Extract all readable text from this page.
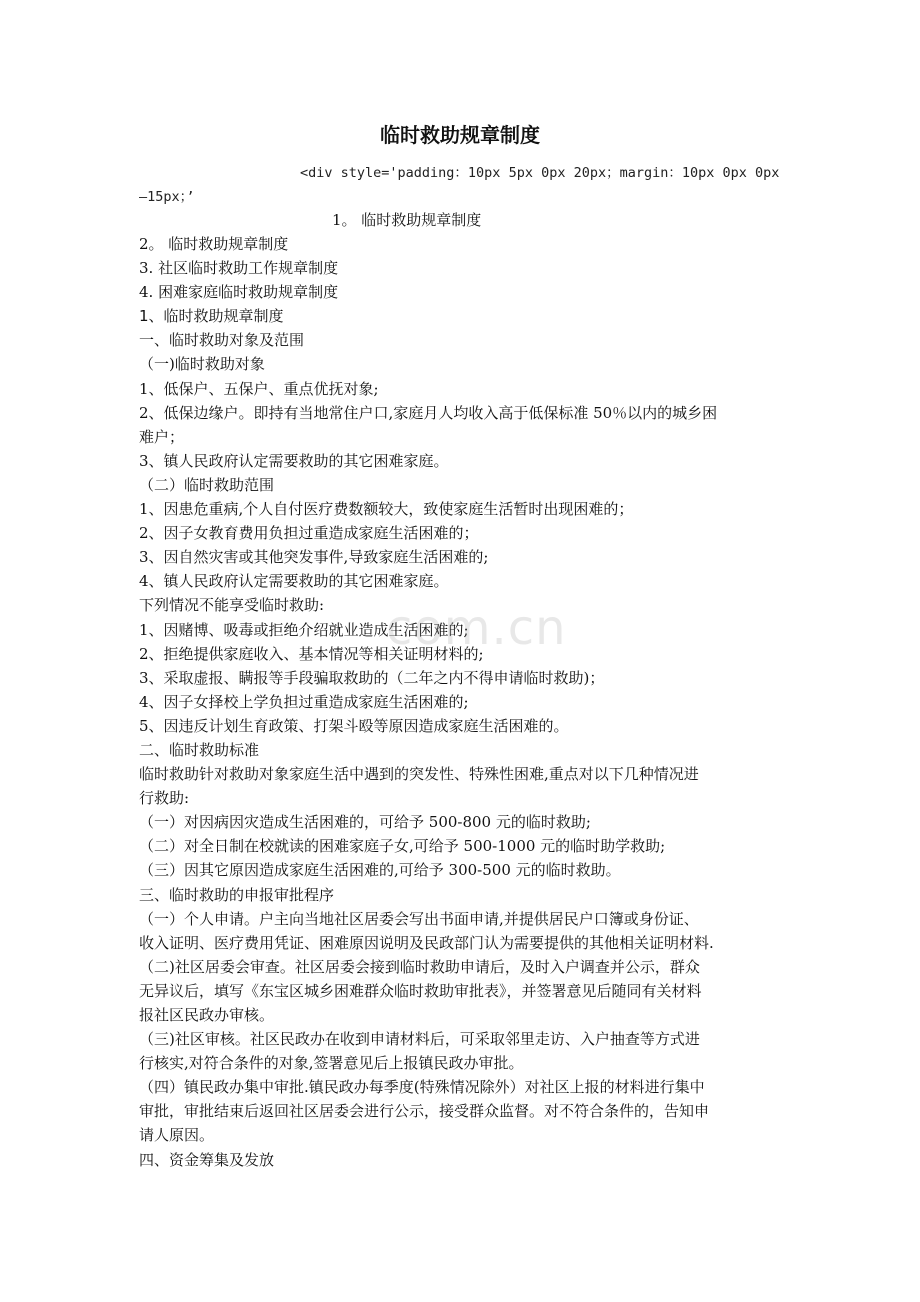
临时救助规章制度
<div style='padding：10px 5px 0px 20px；margin：10px 0px 0px
—15px；’
1。 临时救助规章制度
2。 临时救助规章制度
3. 社区临时救助工作规章制度
4. 困难家庭临时救助规章制度
1、临时救助规章制度
一、临时救助对象及范围
（一)临时救助对象
1、低保户、五保户、重点优抚对象;
2、低保边缘户。即持有当地常住户口,家庭月人均收入高于低保标准 50％以内的城乡困
难户；
3、镇人民政府认定需要救助的其它困难家庭。
（二）临时救助范围
1、因患危重病,个人自付医疗费数额较大，致使家庭生活暂时出现困难的；
2、因子女教育费用负担过重造成家庭生活困难的；
3、因自然灾害或其他突发事件,导致家庭生活困难的;
4、镇人民政府认定需要救助的其它困难家庭。
下列情况不能享受临时救助:
1、因赌博、吸毒或拒绝介绍就业造成生活困难的;
2、拒绝提供家庭收入、基本情况等相关证明材料的;
3、采取虚报、瞒报等手段骗取救助的（二年之内不得申请临时救助)；
4、因子女择校上学负担过重造成家庭生活困难的;
5、因违反计划生育政策、打架斗殴等原因造成家庭生活困难的。
二、临时救助标准
临时救助针对救助对象家庭生活中遇到的突发性、特殊性困难,重点对以下几种情况进
行救助:
（一）对因病因灾造成生活困难的，可给予 500-800 元的临时救助;
（二）对全日制在校就读的困难家庭子女,可给予 500-1000 元的临时助学救助;
（三）因其它原因造成家庭生活困难的,可给予 300-500 元的临时救助。
三、临时救助的申报审批程序
（一）个人申请。户主向当地社区居委会写出书面申请,并提供居民户口簿或身份证、
收入证明、医疗费用凭证、困难原因说明及民政部门认为需要提供的其他相关证明材料.
（二)社区居委会审查。社区居委会接到临时救助申请后，及时入户调查并公示，群众
无异议后，填写《东宝区城乡困难群众临时救助审批表》，并签署意见后随同有关材料
报社区民政办审核。
（三)社区审核。社区民政办在收到申请材料后，可采取邻里走访、入户抽查等方式进
行核实,对符合条件的对象,签署意见后上报镇民政办审批。
（四）镇民政办集中审批.镇民政办每季度(特殊情况除外）对社区上报的材料进行集中
审批，审批结束后返回社区居委会进行公示，接受群众监督。对不符合条件的，告知申
请人原因。
四、资金筹集及发放
com.cn
